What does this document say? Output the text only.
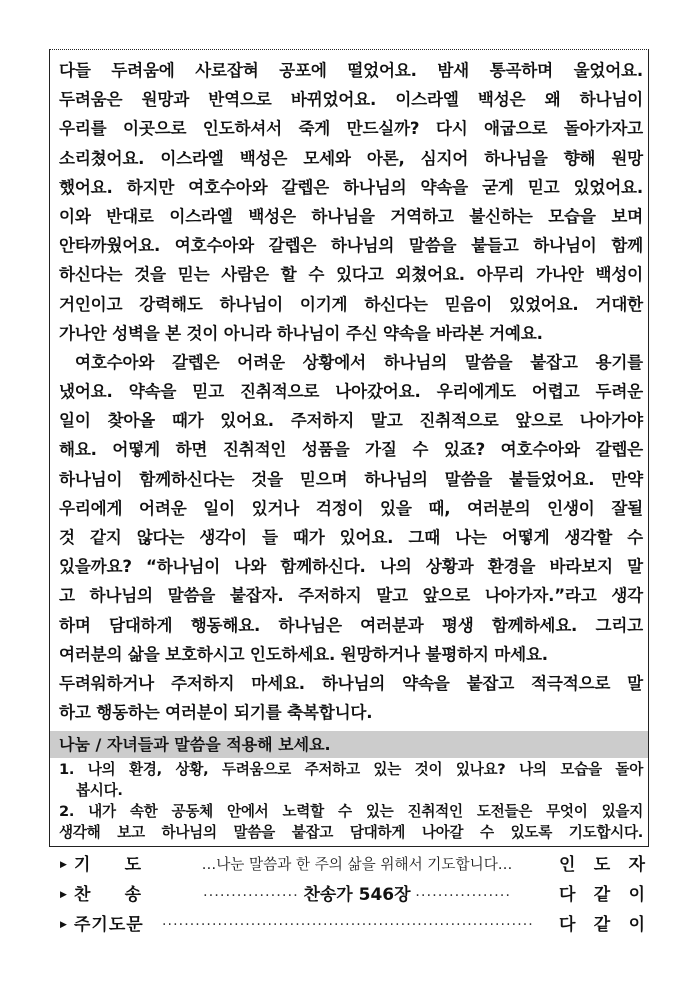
다들 두려움에 사로잡혀 공포에 떨었어요. 밤새 통곡하며 울었어요.
두려움은 원망과 반역으로 바뀌었어요. 이스라엘 백성은 왜 하나님이
우리를 이곳으로 인도하셔서 죽게 만드실까? 다시 애굽으로 돌아가자고
소리쳤어요. 이스라엘 백성은 모세와 아론, 심지어 하나님을 향해 원망
했어요. 하지만 여호수아와 갈렙은 하나님의 약속을 굳게 믿고 있었어요.
이와 반대로 이스라엘 백성은 하나님을 거역하고 불신하는 모습을 보며
안타까웠어요. 여호수아와 갈렙은 하나님의 말씀을 붙들고 하나님이 함께
하신다는 것을 믿는 사람은 할 수 있다고 외쳤어요. 아무리 가나안 백성이
거인이고 강력해도 하나님이 이기게 하신다는 믿음이 있었어요. 거대한
가나안 성벽을 본 것이 아니라 하나님이 주신 약속을 바라본 거예요.
여호수아와 갈렙은 어려운 상황에서 하나님의 말씀을 붙잡고 용기를
냈어요. 약속을 믿고 진취적으로 나아갔어요. 우리에게도 어렵고 두려운
일이 찾아올 때가 있어요. 주저하지 말고 진취적으로 앞으로 나아가야
해요. 어떻게 하면 진취적인 성품을 가질 수 있죠? 여호수아와 갈렙은
하나님이 함께하신다는 것을 믿으며 하나님의 말씀을 붙들었어요. 만약
우리에게 어려운 일이 있거나 걱정이 있을 때, 여러분의 인생이 잘될
것 같지 않다는 생각이 들 때가 있어요. 그때 나는 어떻게 생각할 수
있을까요? “하나님이 나와 함께하신다. 나의 상황과 환경을 바라보지 말
고 하나님의 말씀을 붙잡자. 주저하지 말고 앞으로 나아가자.”라고 생각
하며 담대하게 행동해요. 하나님은 여러분과 평생 함께하세요. 그리고
여러분의 삶을 보호하시고 인도하세요. 원망하거나 불평하지 마세요.
두려워하거나 주저하지 마세요. 하나님의 약속을 붙잡고 적극적으로 말
하고 행동하는 여러분이 되기를 축복합니다.
나눔 / 자녀들과 말씀을 적용해 보세요.
1. 나의 환경, 상황, 두려움으로 주저하고 있는 것이 있나요? 나의 모습을 돌아
봅시다.
2. 내가 속한 공동체 안에서 노력할 수 있는 진취적인 도전들은 무엇이 있을지
생각해 보고 하나님의 말씀을 붙잡고 담대하게 나아갈 수 있도록 기도합시다.
▶ 기 도	…나눈 말씀과 한 주의 삶을 위해서 기도합니다…	인 도 자
▶ 찬 송	················· 찬송가 546장 ·················	다 같 이
▶ 주기도문	···································································	다 같 이
